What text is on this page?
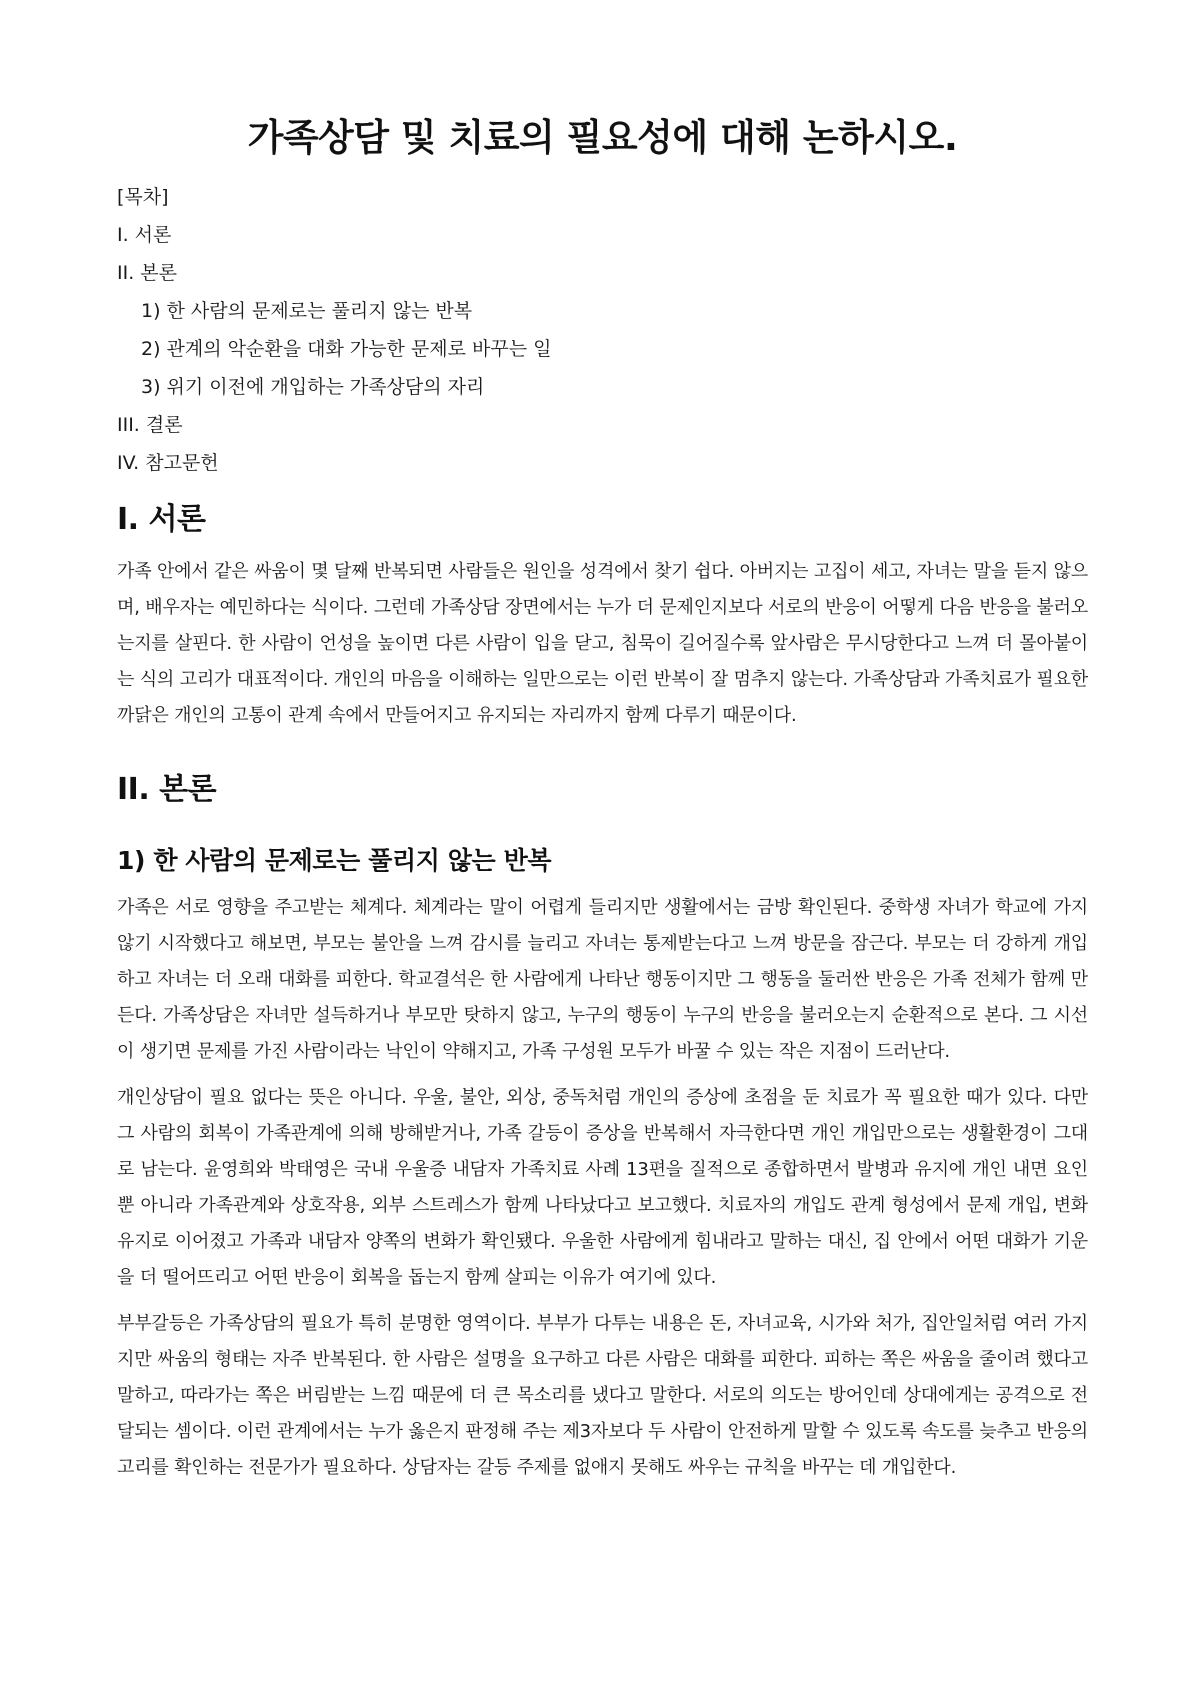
가족상담 및 치료의 필요성에 대해 논하시오.
[목차]
I. 서론
II. 본론
1) 한 사람의 문제로는 풀리지 않는 반복
2) 관계의 악순환을 대화 가능한 문제로 바꾸는 일
3) 위기 이전에 개입하는 가족상담의 자리
III. 결론
IV. 참고문헌
I. 서론

가족 안에서 같은 싸움이 몇 달째 반복되면 사람들은 원인을 성격에서 찾기 쉽다. 아버지는 고집이 세고, 자녀는 말을 듣지 않으며, 배우자는 예민하다는 식이다. 그런데 가족상담 장면에서는 누가 더 문제인지보다 서로의 반응이 어떻게 다음 반응을 불러오는지를 살핀다. 한 사람이 언성을 높이면 다른 사람이 입을 닫고, 침묵이 길어질수록 앞사람은 무시당한다고 느껴 더 몰아붙이는 식의 고리가 대표적이다. 개인의 마음을 이해하는 일만으로는 이런 반복이 잘 멈추지 않는다. 가족상담과 가족치료가 필요한 까닭은 개인의 고통이 관계 속에서 만들어지고 유지되는 자리까지 함께 다루기 때문이다.

II. 본론
1) 한 사람의 문제로는 풀리지 않는 반복

가족은 서로 영향을 주고받는 체계다. 체계라는 말이 어렵게 들리지만 생활에서는 금방 확인된다. 중학생 자녀가 학교에 가지 않기 시작했다고 해보면, 부모는 불안을 느껴 감시를 늘리고 자녀는 통제받는다고 느껴 방문을 잠근다. 부모는 더 강하게 개입하고 자녀는 더 오래 대화를 피한다. 학교결석은 한 사람에게 나타난 행동이지만 그 행동을 둘러싼 반응은 가족 전체가 함께 만든다. 가족상담은 자녀만 설득하거나 부모만 탓하지 않고, 누구의 행동이 누구의 반응을 불러오는지 순환적으로 본다. 그 시선이 생기면 문제를 가진 사람이라는 낙인이 약해지고, 가족 구성원 모두가 바꿀 수 있는 작은 지점이 드러난다.

개인상담이 필요 없다는 뜻은 아니다. 우울, 불안, 외상, 중독처럼 개인의 증상에 초점을 둔 치료가 꼭 필요한 때가 있다. 다만 그 사람의 회복이 가족관계에 의해 방해받거나, 가족 갈등이 증상을 반복해서 자극한다면 개인 개입만으로는 생활환경이 그대로 남는다. 윤영희와 박태영은 국내 우울증 내담자 가족치료 사례 13편을 질적으로 종합하면서 발병과 유지에 개인 내면 요인뿐 아니라 가족관계와 상호작용, 외부 스트레스가 함께 나타났다고 보고했다. 치료자의 개입도 관계 형성에서 문제 개입, 변화 유지로 이어졌고 가족과 내담자 양쪽의 변화가 확인됐다. 우울한 사람에게 힘내라고 말하는 대신, 집 안에서 어떤 대화가 기운을 더 떨어뜨리고 어떤 반응이 회복을 돕는지 함께 살피는 이유가 여기에 있다.

부부갈등은 가족상담의 필요가 특히 분명한 영역이다. 부부가 다투는 내용은 돈, 자녀교육, 시가와 처가, 집안일처럼 여러 가지지만 싸움의 형태는 자주 반복된다. 한 사람은 설명을 요구하고 다른 사람은 대화를 피한다. 피하는 쪽은 싸움을 줄이려 했다고 말하고, 따라가는 쪽은 버림받는 느낌 때문에 더 큰 목소리를 냈다고 말한다. 서로의 의도는 방어인데 상대에게는 공격으로 전달되는 셈이다. 이런 관계에서는 누가 옳은지 판정해 주는 제3자보다 두 사람이 안전하게 말할 수 있도록 속도를 늦추고 반응의 고리를 확인하는 전문가가 필요하다. 상담자는 갈등 주제를 없애지 못해도 싸우는 규칙을 바꾸는 데 개입한다.
